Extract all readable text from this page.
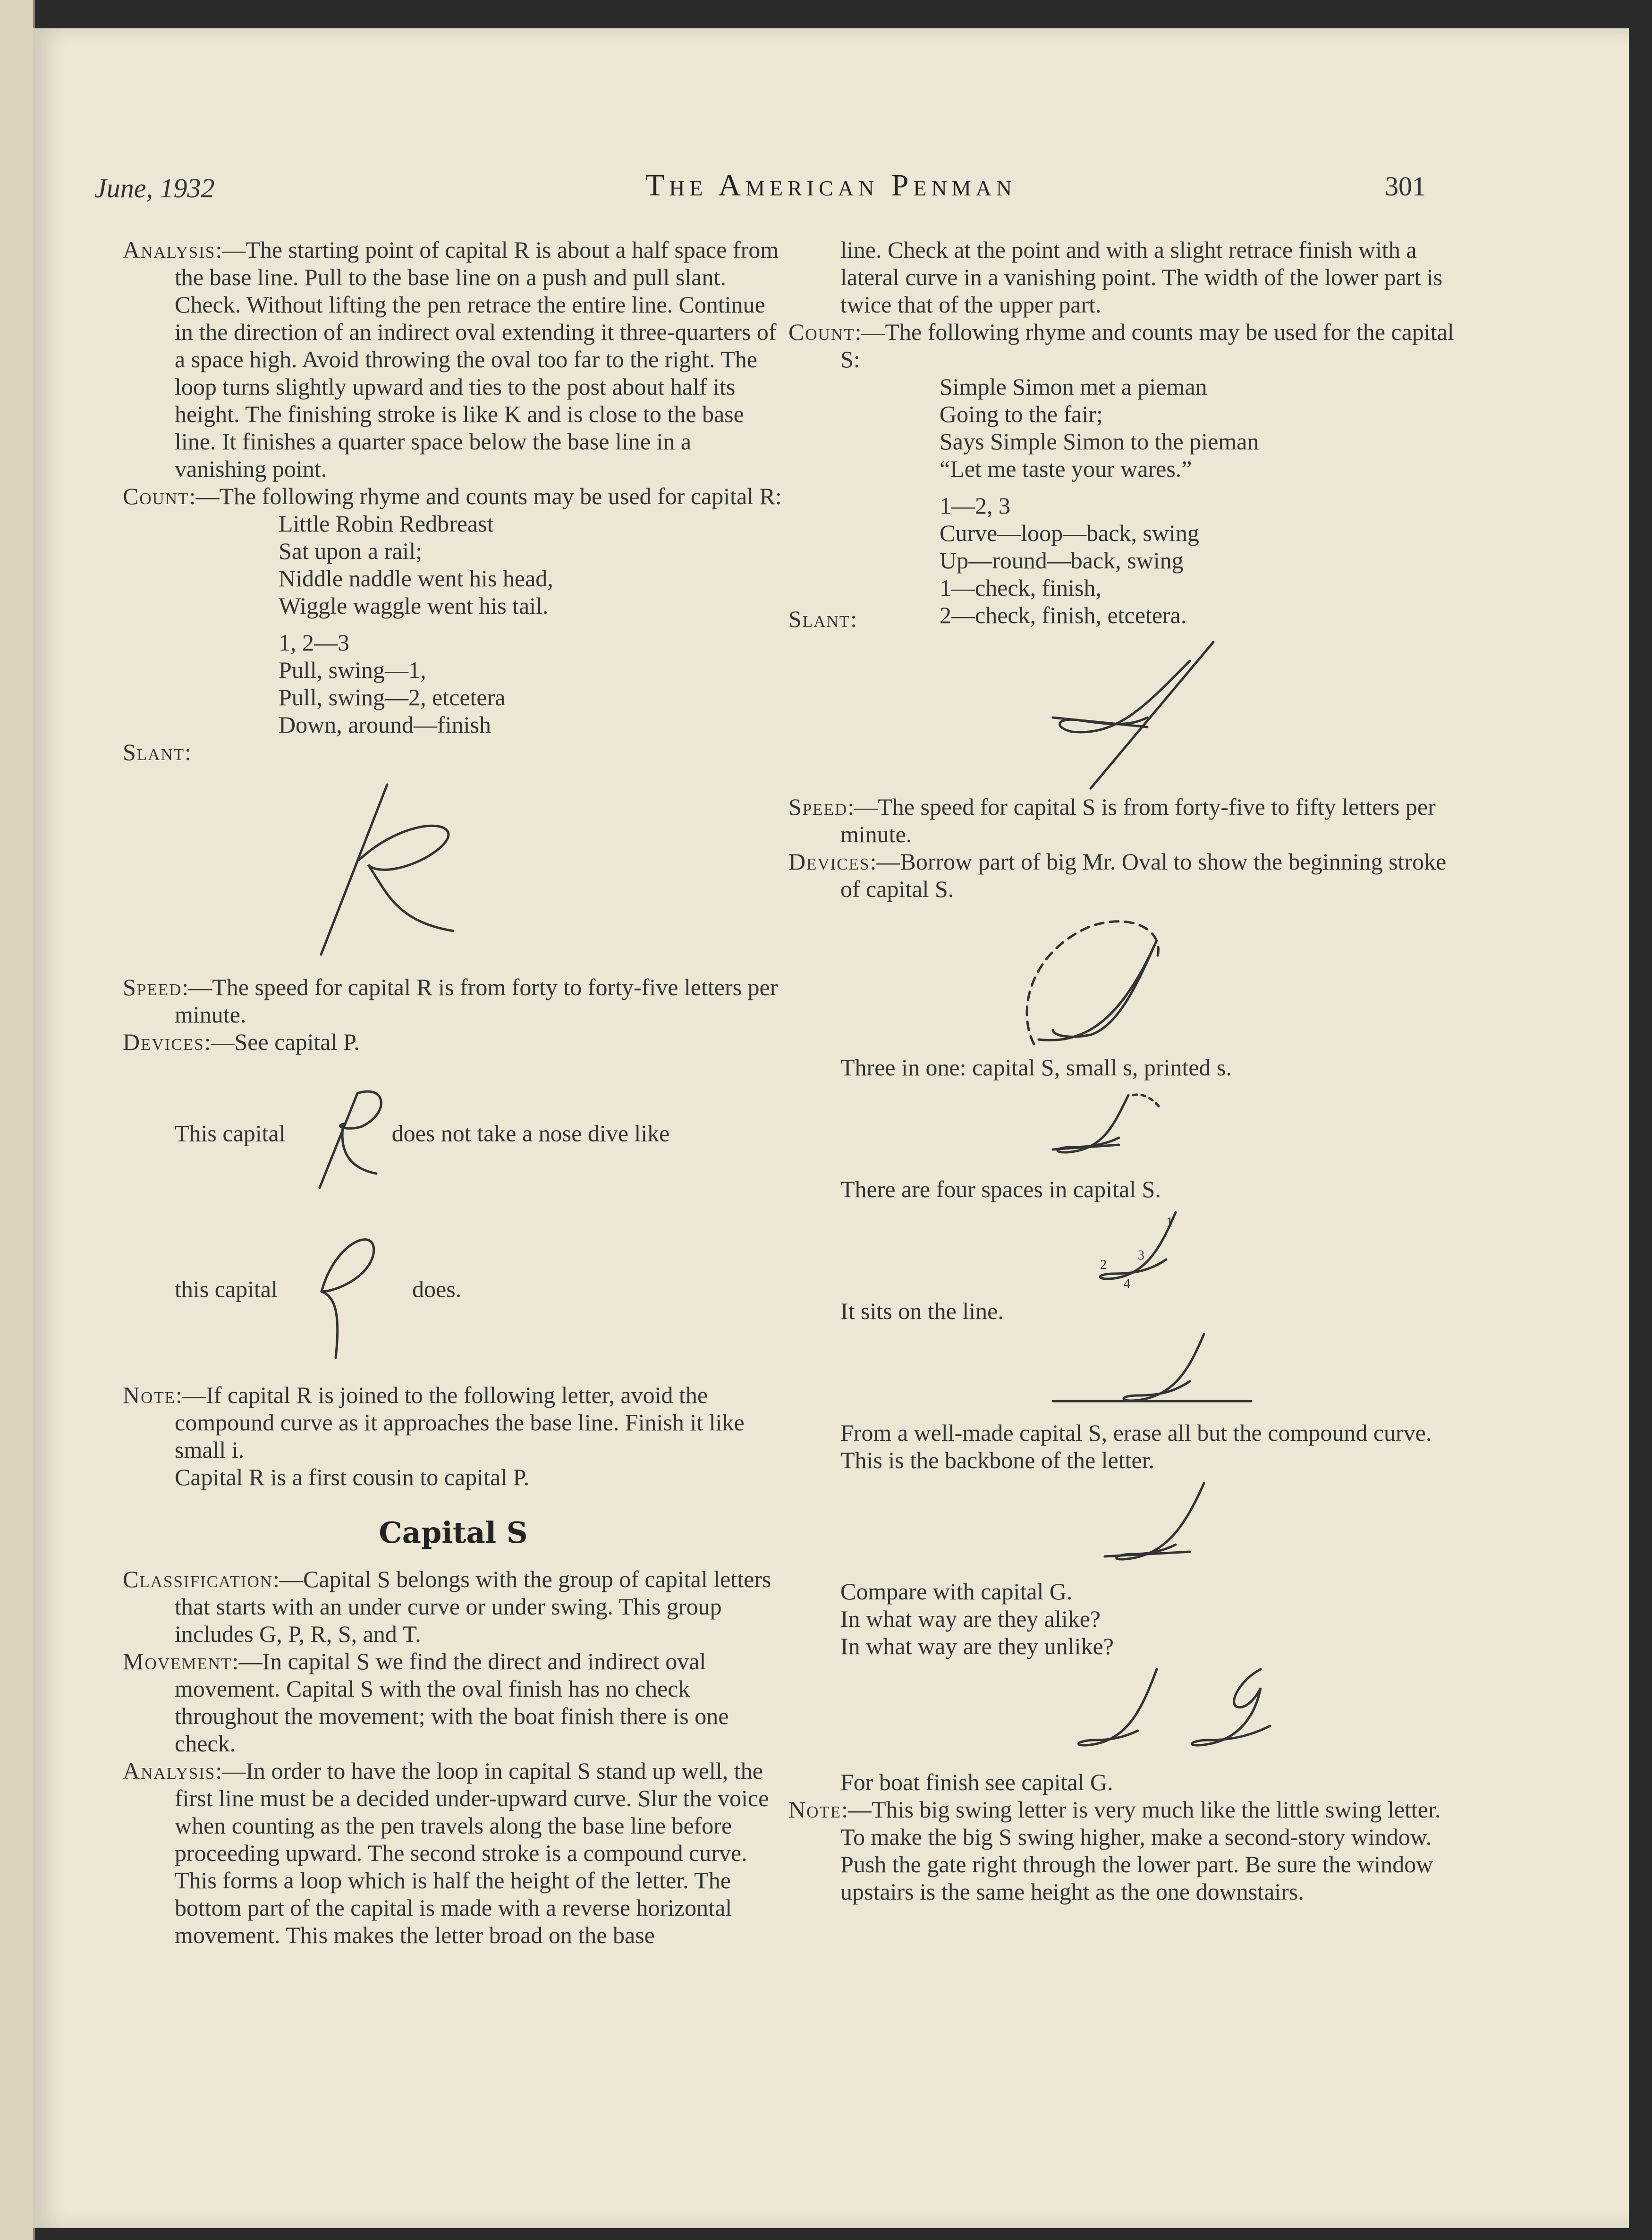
June, 1932	The American Penman	301

Analysis:—The starting point of capital R is about a half space from the base line. Pull to the base line on a push and pull slant. Check. Without lifting the pen retrace the entire line. Continue in the direction of an indirect oval extending it three-quarters of a space high. Avoid throwing the oval too far to the right. The loop turns slightly upward and ties to the post about half its height. The finishing stroke is like K and is close to the base line. It finishes a quarter space below the base line in a vanishing point.

Count:—The following rhyme and counts may be used for capital R:

Little Robin Redbreast

Sat upon a rail;

Niddle naddle went his head,

Wiggle waggle went his tail.

1, 2—3

Pull, swing—1,

Pull, swing—2, etcetera

Down, around—finish

Slant:

Speed:—The speed for capital R is from forty to forty-five letters per minute.

Devices:—See capital P.

This capital	does not take a nose dive like
this capital	does.

Note:—If capital R is joined to the following letter, avoid the compound curve as it approaches the base line. Finish it like small i.

Capital R is a first cousin to capital P.

Capital S

Classification:—Capital S belongs with the group of capital letters that starts with an under curve or under swing. This group includes G, P, R, S, and T.

Movement:—In capital S we find the direct and indirect oval movement. Capital S with the oval finish has no check throughout the movement; with the boat finish there is one check.

Analysis:—In order to have the loop in capital S stand up well, the first line must be a decided under-upward curve. Slur the voice when counting as the pen travels along the base line before proceeding upward. The second stroke is a compound curve. This forms a loop which is half the height of the letter. The bottom part of the capital is made with a reverse horizontal movement. This makes the letter broad on the base

line. Check at the point and with a slight retrace finish with a lateral curve in a vanishing point. The width of the lower part is twice that of the upper part.

Count:—The following rhyme and counts may be used for the capital S:

Simple Simon met a pieman

Going to the fair;

Says Simple Simon to the pieman

“Let me taste your wares.”

1—2, 3

Curve—loop—back, swing

Up—round—back, swing

1—check, finish,

2—check, finish, etcetera.

Slant:

Speed:—The speed for capital S is from forty-five to fifty letters per minute.

Devices:—Borrow part of big Mr. Oval to show the beginning stroke of capital S.

Three in one: capital S, small s, printed s.

There are four spaces in capital S.

1
2
3
4

It sits on the line.

From a well-made capital S, erase all but the compound curve. This is the backbone of the letter.

Compare with capital G.

In what way are they alike?

In what way are they unlike?

For boat finish see capital G.

Note:—This big swing letter is very much like the little swing letter. To make the big S swing higher, make a second-story window. Push the gate right through the lower part. Be sure the window upstairs is the same height as the one downstairs.
